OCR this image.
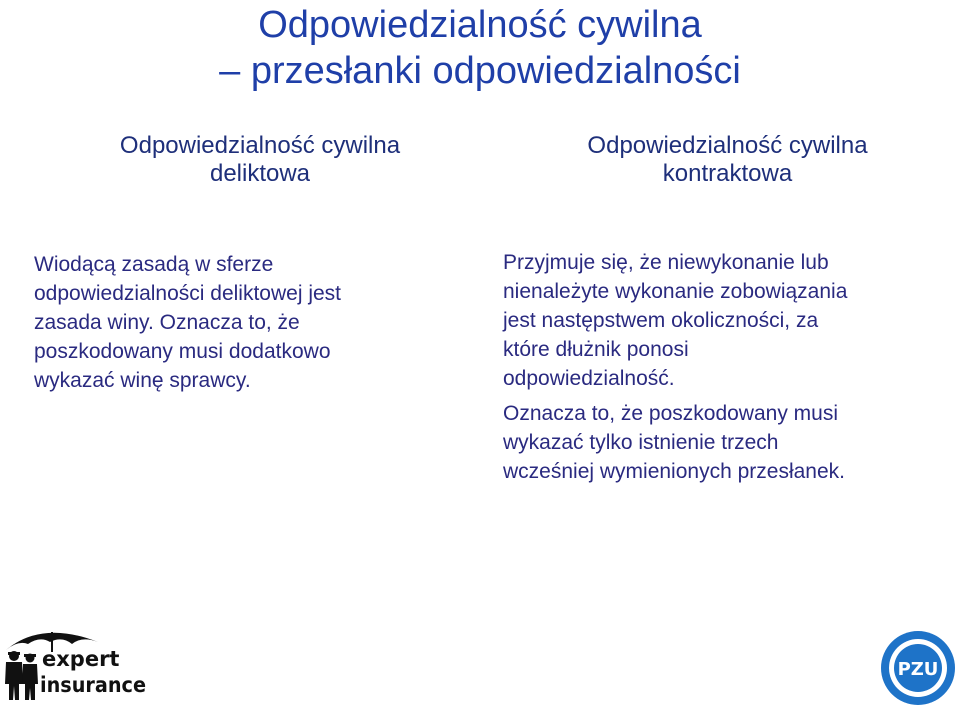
Odpowiedzialność cywilna
– przesłanki odpowiedzialności
Odpowiedzialność cywilna
deliktowa
Odpowiedzialność cywilna
kontraktowa
Wiodącą zasadą w sferze
odpowiedzialności deliktowej jest
zasada winy. Oznacza to, że
poszkodowany musi dodatkowo
wykazać winę sprawcy.
Przyjmuje się, że niewykonanie lub
nienależyte wykonanie zobowiązania
jest następstwem okoliczności, za
które dłużnik ponosi
odpowiedzialność.
Oznacza to, że poszkodowany musi
wykazać tylko istnienie trzech
wcześniej wymienionych przesłanek.
expert
insurance
PZU
